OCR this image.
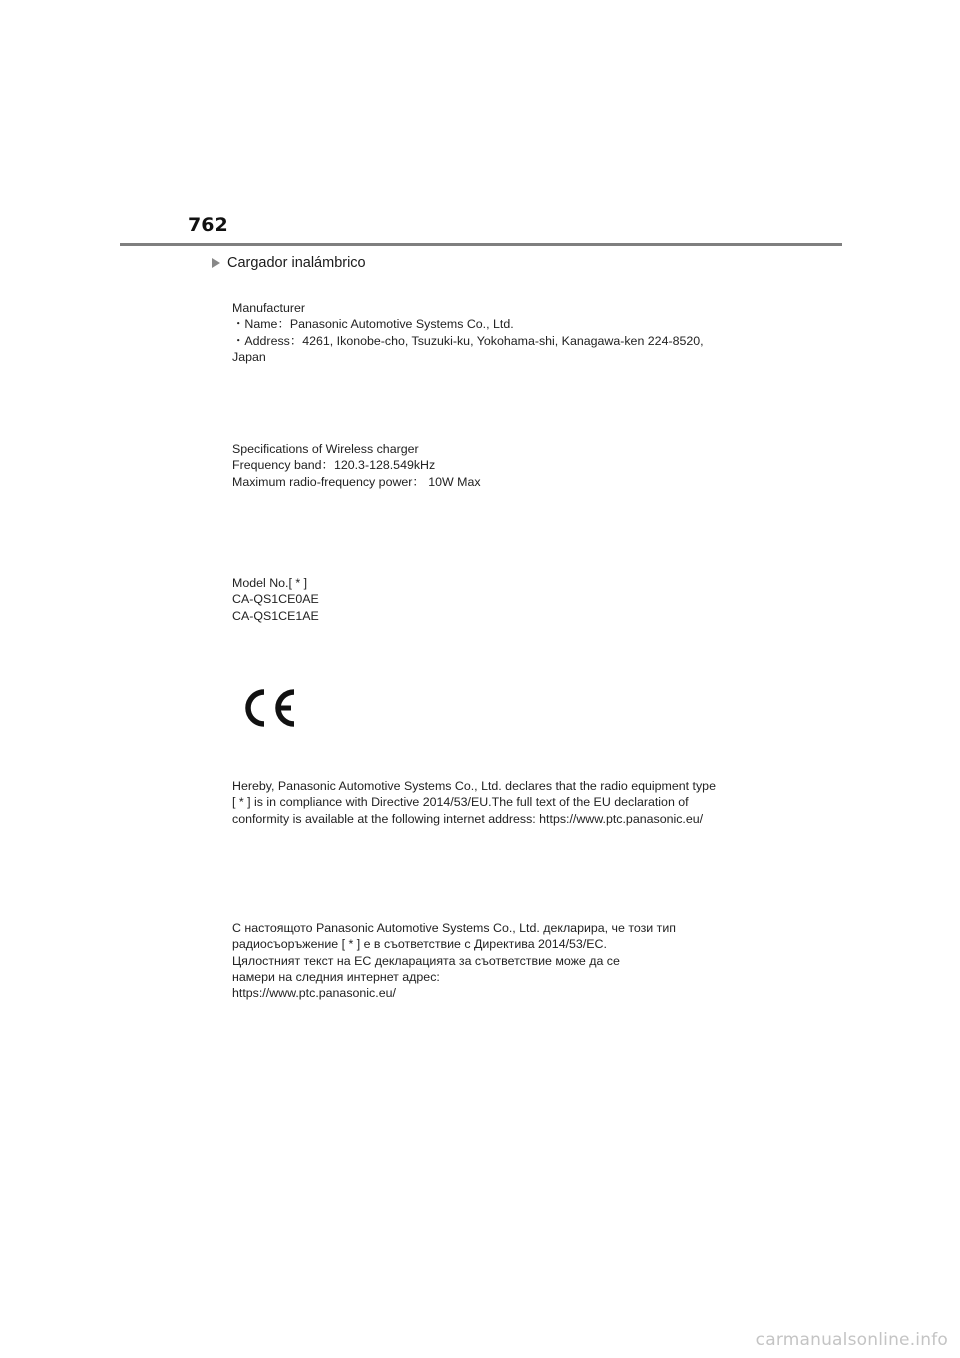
762
Cargador inalámbrico
Manufacturer
・Name：Panasonic Automotive Systems Co., Ltd.
・Address：4261, Ikonobe-cho, Tsuzuki-ku, Yokohama-shi, Kanagawa-ken 224-8520,
Japan
Specifications of Wireless charger
Frequency band：120.3-128.549kHz
Maximum radio-frequency power： 10W Max
Model No.[ * ]
CA-QS1CE0AE
CA-QS1CE1AE
Hereby, Panasonic Automotive Systems Co., Ltd. declares that the radio equipment type
[ * ] is in compliance with Directive 2014/53/EU.The full text of the EU declaration of
conformity is available at the following internet address: https://www.ptc.panasonic.eu/
С настоящото Panasonic Automotive Systems Co., Ltd. декларира, че този тип
радиосъоръжение [ * ] е в съответствие с Директива 2014/53/ЕС.
Цялостният текст на ЕС декларацията за съответствие може да се
намери на следния интернет адрес:
https://www.ptc.panasonic.eu/
carmanualsonline.info
